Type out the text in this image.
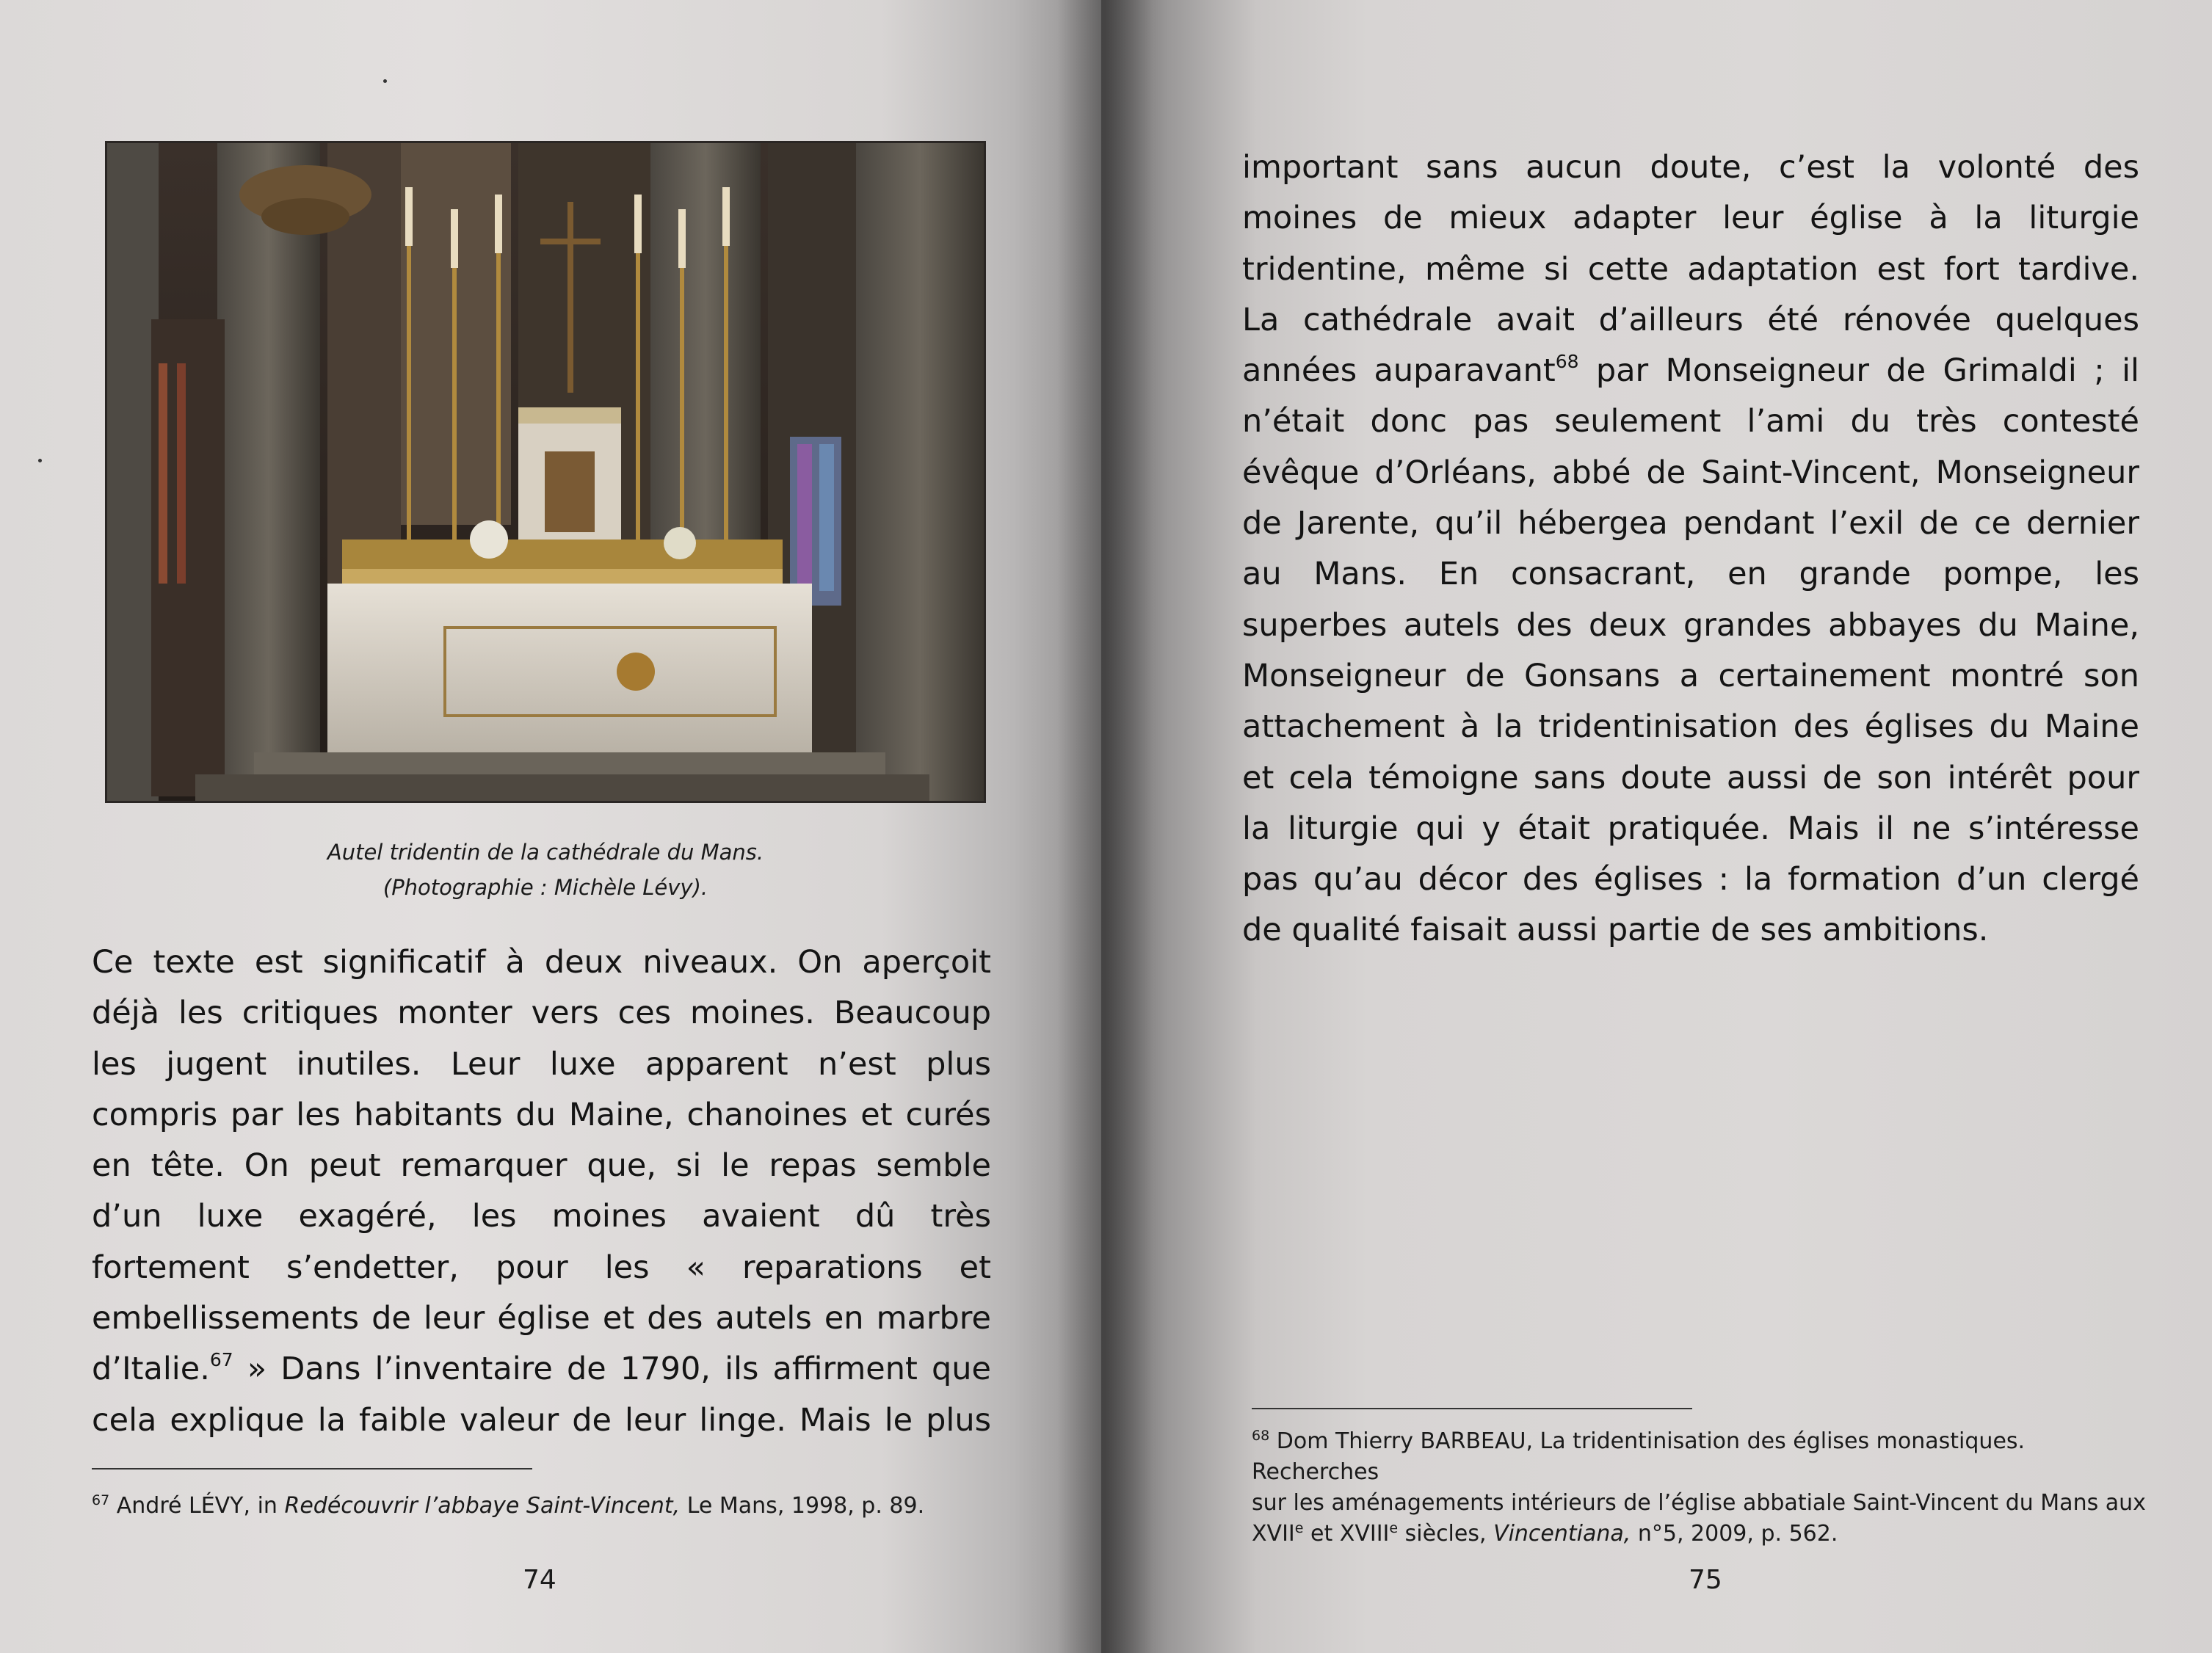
Autel tridentin de la cathédrale du Mans.
(Photographie : Michèle Lévy).
Ce texte est significatif à deux niveaux. On aperçoit
déjà les critiques monter vers ces moines. Beaucoup
les jugent inutiles. Leur luxe apparent n’est plus
compris par les habitants du Maine, chanoines et curés
en tête. On peut remarquer que, si le repas semble
d’un luxe exagéré, les moines avaient dû très
fortement s’endetter, pour les « reparations et
embellissements de leur église et des autels en marbre
d’Italie.$^{67}$ » Dans l’inventaire de 1790, ils affirment que
cela explique la faible valeur de leur linge. Mais le plus
$^{67}$ André LÉVY, in Redécouvrir l’abbaye Saint-Vincent, Le Mans, 1998, p. 89.
74
important sans aucun doute, c’est la volonté des
moines de mieux adapter leur église à la liturgie
tridentine, même si cette adaptation est fort tardive.
La cathédrale avait d’ailleurs été rénovée quelques
années auparavant$^{68}$ par Monseigneur de Grimaldi ; il
n’était donc pas seulement l’ami du très contesté
évêque d’Orléans, abbé de Saint-Vincent, Monseigneur
de Jarente, qu’il hébergea pendant l’exil de ce dernier
au Mans. En consacrant, en grande pompe, les
superbes autels des deux grandes abbayes du Maine,
Monseigneur de Gonsans a certainement montré son
attachement à la tridentinisation des églises du Maine
et cela témoigne sans doute aussi de son intérêt pour
la liturgie qui y était pratiquée. Mais il ne s’intéresse
pas qu’au décor des églises : la formation d’un clergé
de qualité faisait aussi partie de ses ambitions.
$^{68}$ Dom Thierry BARBEAU, La tridentinisation des églises monastiques. Recherches
sur les aménagements intérieurs de l’église abbatiale Saint-Vincent du Mans aux
XVIIe et XVIIIe siècles, Vincentiana, n°5, 2009, p. 562.
75
